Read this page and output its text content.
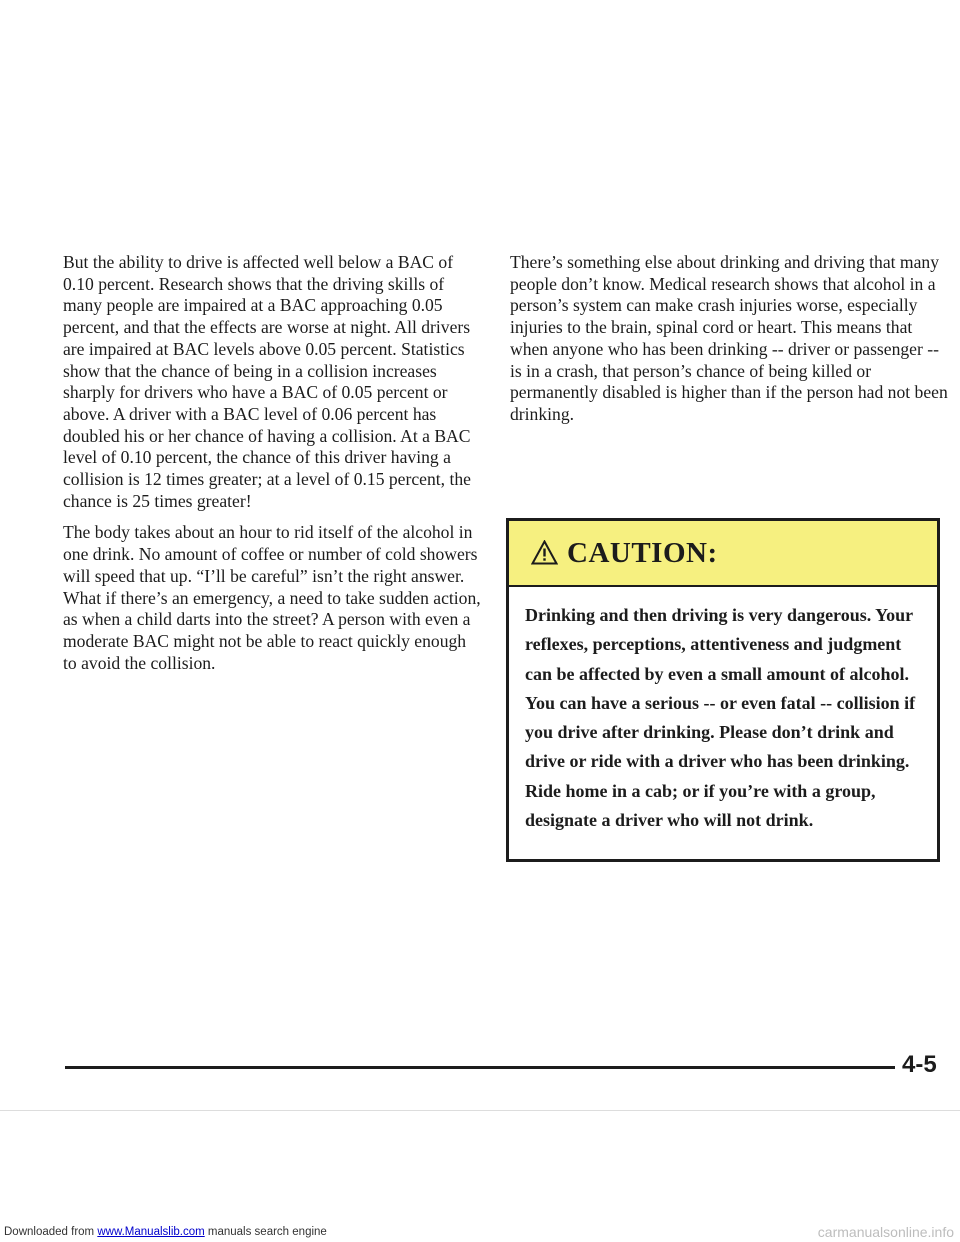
But the ability to drive is affected well below a BAC of 0.10 percent. Research shows that the driving skills of many people are impaired at a BAC approaching 0.05 percent, and that the effects are worse at night. All drivers are impaired at BAC levels above 0.05 percent. Statistics show that the chance of being in a collision increases sharply for drivers who have a BAC of 0.05 percent or above. A driver with a BAC level of 0.06 percent has doubled his or her chance of having a collision. At a BAC level of 0.10 percent, the chance of this driver having a collision is 12 times greater; at a level of 0.15 percent, the chance is 25 times greater!

The body takes about an hour to rid itself of the alcohol in one drink. No amount of coffee or number of cold showers will speed that up. “I’ll be careful” isn’t the right answer. What if there’s an emergency, a need to take sudden action, as when a child darts into the street? A person with even a moderate BAC might not be able to react quickly enough to avoid the collision.

There’s something else about drinking and driving that many people don’t know. Medical research shows that alcohol in a person’s system can make crash injuries worse, especially injuries to the brain, spinal cord or heart. This means that when anyone who has been drinking -- driver or passenger -- is in a crash, that person’s chance of being killed or permanently disabled is higher than if the person had not been drinking.

CAUTION:
Drinking and then driving is very dangerous. Your reflexes, perceptions, attentiveness and judgment can be affected by even a small amount of alcohol. You can have a serious -- or even fatal -- collision if you drive after drinking. Please don’t drink and drive or ride with a driver who has been drinking. Ride home in a cab; or if you’re with a group, designate a driver who will not drink.
4-5
Downloaded from www.Manualslib.com manuals search engine	carmanualsonline.info
